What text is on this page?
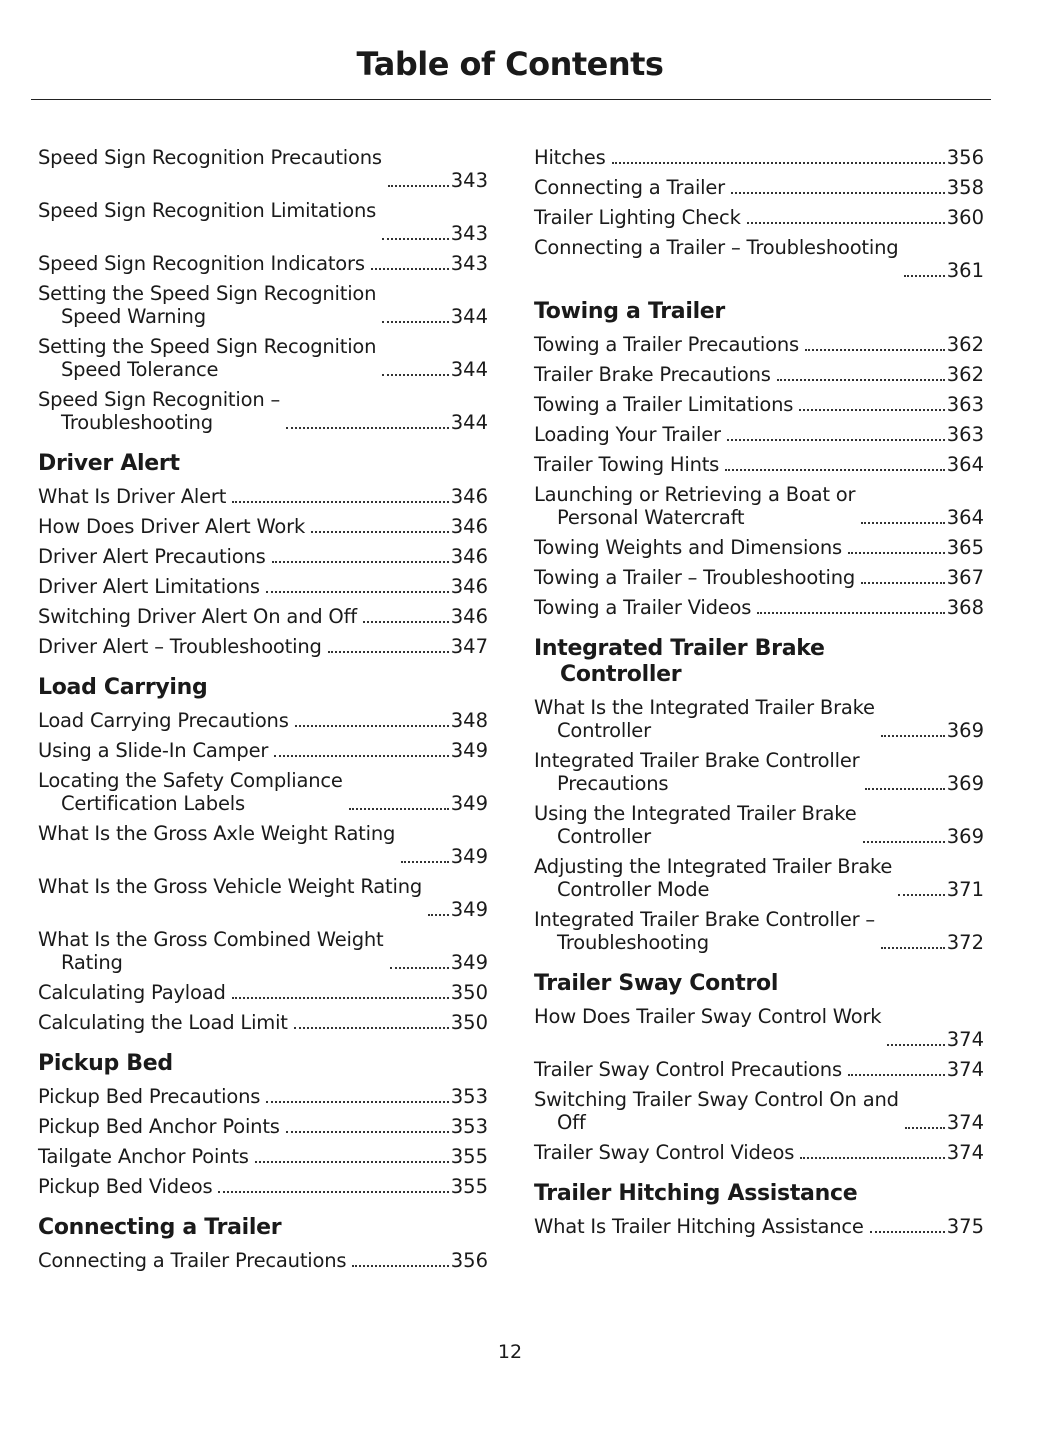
Table of Contents
Speed Sign Recognition Precautions

343
Speed Sign Recognition Limitations

343
Speed Sign Recognition Indicators	343
Setting the Speed Sign Recognition
Speed Warning	344
Setting the Speed Sign Recognition
Speed Tolerance	344
Speed Sign Recognition –
Troubleshooting	344
Driver Alert
What Is Driver Alert	346
How Does Driver Alert Work	346
Driver Alert Precautions	346
Driver Alert Limitations	346
Switching Driver Alert On and Off	346
Driver Alert – Troubleshooting	347
Load Carrying
Load Carrying Precautions	348
Using a Slide-In Camper	349
Locating the Safety Compliance
Certification Labels	349
What Is the Gross Axle Weight Rating

349
What Is the Gross Vehicle Weight Rating

349
What Is the Gross Combined Weight
Rating	349
Calculating Payload	350
Calculating the Load Limit	350
Pickup Bed
Pickup Bed Precautions	353
Pickup Bed Anchor Points	353
Tailgate Anchor Points	355
Pickup Bed Videos	355
Connecting a Trailer
Connecting a Trailer Precautions	356
Hitches	356
Connecting a Trailer	358
Trailer Lighting Check	360
Connecting a Trailer – Troubleshooting

361
Towing a Trailer
Towing a Trailer Precautions	362
Trailer Brake Precautions	362
Towing a Trailer Limitations	363
Loading Your Trailer	363
Trailer Towing Hints	364
Launching or Retrieving a Boat or
Personal Watercraft	364
Towing Weights and Dimensions	365
Towing a Trailer – Troubleshooting	367
Towing a Trailer Videos	368
Integrated Trailer Brake
Controller
What Is the Integrated Trailer Brake
Controller	369
Integrated Trailer Brake Controller
Precautions	369
Using the Integrated Trailer Brake
Controller	369
Adjusting the Integrated Trailer Brake
Controller Mode	371
Integrated Trailer Brake Controller –
Troubleshooting	372
Trailer Sway Control
How Does Trailer Sway Control Work

374
Trailer Sway Control Precautions	374
Switching Trailer Sway Control On and
Off	374
Trailer Sway Control Videos	374
Trailer Hitching Assistance
What Is Trailer Hitching Assistance	375
12
